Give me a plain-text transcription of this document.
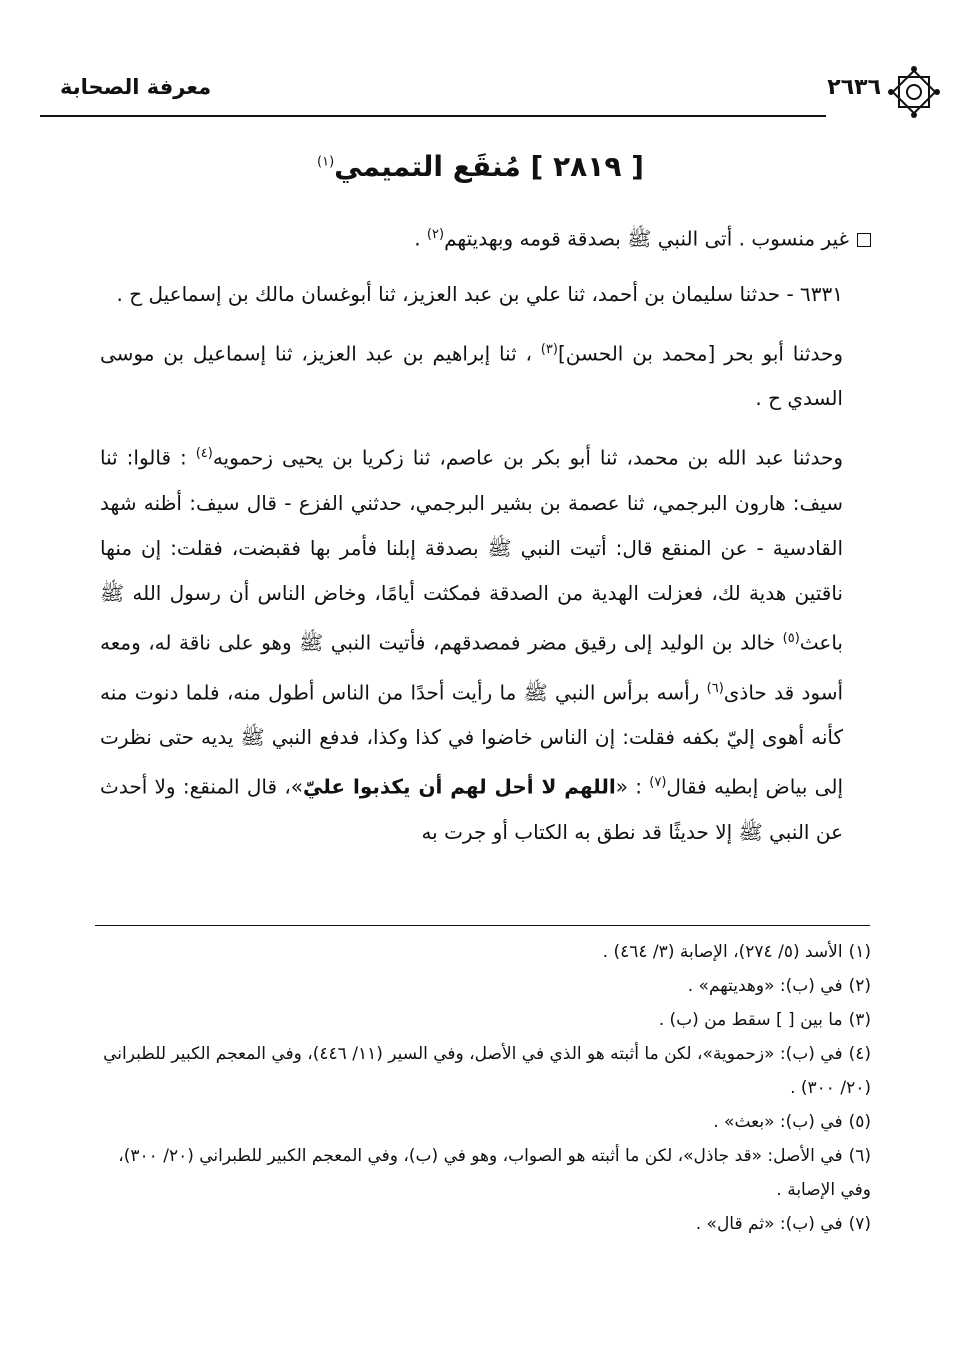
٢٦٣٦
معرفة الصحابة
[ ٢٨١٩ ] مُنقَع التميمي$^{(١)}$

غير منسوب . أتى النبي ﷺ بصدقة قومه وبهديتهم$^{(٢)}$ .

٦٣٣١ - حدثنا سليمان بن أحمد، ثنا علي بن عبد العزيز، ثنا أبوغسان مالك بن إسماعيل ح .

وحدثنا أبو بحر [محمد بن الحسن]$^{(٣)}$ ، ثنا إبراهيم بن عبد العزيز، ثنا إسماعيل بن موسى السدي ح .

وحدثنا عبد الله بن محمد، ثنا أبو بكر بن عاصم، ثنا زكريا بن يحيى زحمويه$^{(٤)}$ : قالوا: ثنا سيف: هارون البرجمي، ثنا عصمة بن بشير البرجمي، حدثني الفزع - قال سيف: أظنه شهد القادسية - عن المنقع قال: أتيت النبي ﷺ بصدقة إبلنا فأمر بها فقبضت، فقلت: إن منها ناقتين هدية لك، فعزلت الهدية من الصدقة فمكثت أيامًا، وخاض الناس أن رسول الله ﷺ باعث$^{(٥)}$ خالد بن الوليد إلى رقيق مضر فمصدقهم، فأتيت النبي ﷺ وهو على ناقة له، ومعه أسود قد حاذى$^{(٦)}$ رأسه برأس النبي ﷺ ما رأيت أحدًا من الناس أطول منه، فلما دنوت منه كأنه أهوى إليّ بكفه فقلت: إن الناس خاضوا في كذا وكذا، فدفع النبي ﷺ يديه حتى نظرت إلى بياض إبطيه فقال$^{(٧)}$ : «اللهم لا أحل لهم أن يكذبوا عليّ»، قال المنقع: ولا أحدث عن النبي ﷺ إلا حديثًا قد نطق به الكتاب أو جرت به

(١)الأسد (٥/ ٢٧٤)، الإصابة (٣/ ٤٦٤) .

(٢)في (ب): «وهديتهم» .

(٣)ما بين [ ] سقط من (ب) .

(٤)في (ب): «زحموية»، لكن ما أثبته هو الذي في الأصل، وفي السير (١١/ ٤٤٦)، وفي المعجم الكبير للطبراني (٢٠/ ٣٠٠) .

(٥)في (ب): «بعث» .

(٦)في الأصل: «قد جاذل»، لكن ما أثبته هو الصواب، وهو في (ب)، وفي المعجم الكبير للطبراني (٢٠/ ٣٠٠)، وفي الإصابة .

(٧)في (ب): «ثم قال» .
